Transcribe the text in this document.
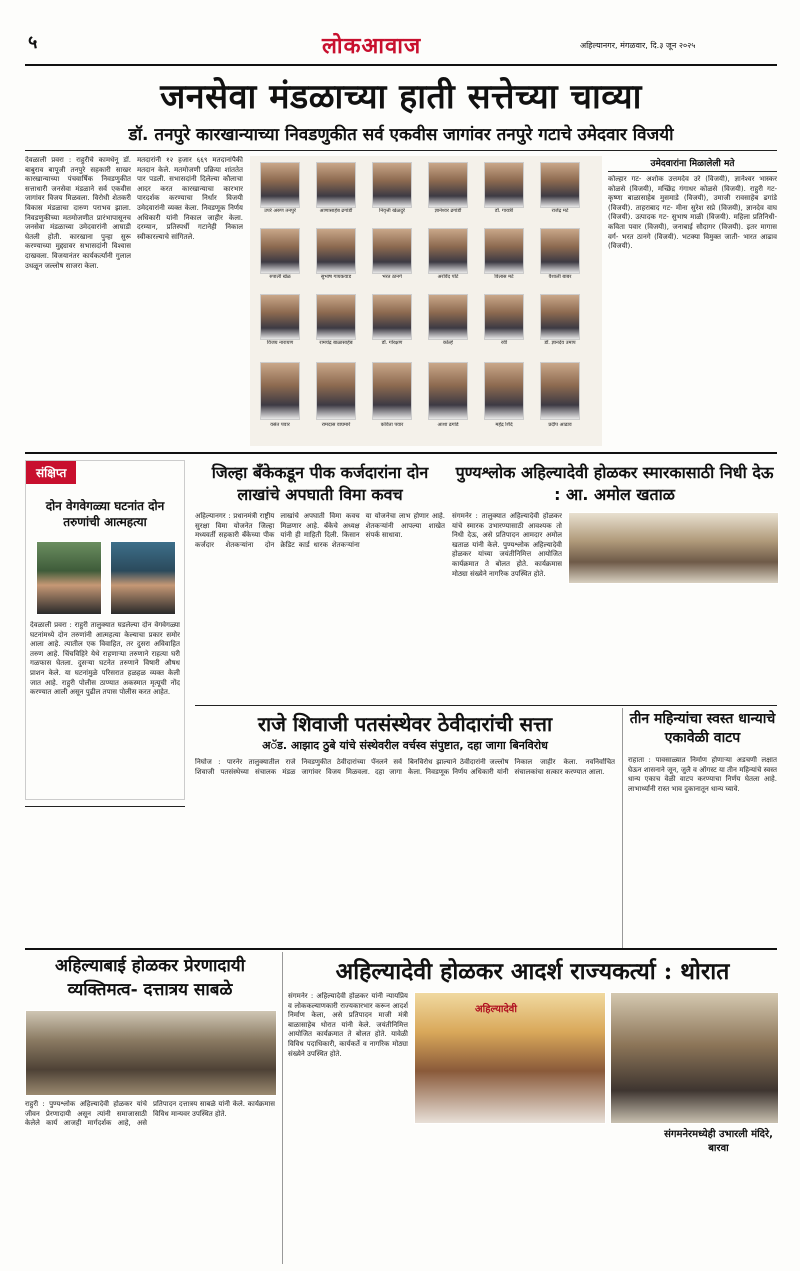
५	लोकआवाज	अहिल्यानगर, मंगळवार, दि.३ जून २०२५
जनसेवा मंडळाच्या हाती सत्तेच्या चाव्या
डॉ. तनपुरे कारखान्याच्या निवडणुकीत सर्व एकवीस जागांवर तनपुरे गटाचे उमेदवार विजयी
देवळाली प्रवरा : राहुरीचे कामधेनू डॉ. बाबुराव बापूजी तनपुरे सहकारी साखर कारखान्याच्या पंचवार्षिक निवडणुकीत सत्ताधारी जनसेवा मंडळाने सर्व एकवीस जागांवर विजय मिळवला. विरोधी शेतकरी विकास मंडळाचा दारुण पराभव झाला. निवडणुकीच्या मतमोजणीत प्रारंभापासूनच जनसेवा मंडळाच्या उमेदवारांनी आघाडी घेतली होती. कारखाना पुन्हा सुरू करण्याच्या मुद्द्यावर सभासदांनी विश्वास दाखवला. विजयानंतर कार्यकर्त्यांनी गुलाल उधळून जल्लोष साजरा केला.
मतदारांनी १२ हजार ६६९ मतदानांपैकी मतदान केले. मतमोजणी प्रक्रिया शांततेत पार पडली. सभासदांनी दिलेल्या कौलाचा आदर करत कारखान्याचा कारभार पारदर्शक करण्याचा निर्धार विजयी उमेदवारांनी व्यक्त केला. निवडणूक निर्णय अधिकारी यांनी निकाल जाहीर केला. दरम्यान, प्रतिस्पर्धी गटानेही निकाल स्वीकारल्याचे सांगितले.
उपरे अरुण तनपुरे	आणासाहेब ढगांडी	निवृत्ती खेळदुरे	ज्ञानेश्वर ढगांडी	डॉ. गायत्री	राजेंद्र मटे
रुपाली खेळ	सुभाष गायकवाड	भरत ठानगे	अरविंद पोटे	विलास मटे	वैशाली बाबर
विजय नारायण	रामचंद्र बाळासाहेब	डॉ. गोरक्षण	कोल्हे	रवी	डॉ. ज्ञानदेव उमाप
वसंत पवार	रामदास वाघमारे	कविता पवार	आशा ढगांडे	महेंद्र शिंदे	प्रदीप आढाव
उमेदवारांना मिळालेली मते
कोल्हार गट- अशोक उत्तमदेव उरे (विजयी), ज्ञानेश्वर भास्कर कोळसे (विजयी), मच्छिंद्र गंगाधर कोळसे (विजयी). राहुरी गट- कृष्णा बाळासाहेब मुसमाडे (विजयी), उमाजी रावसाहेब ढगांडे (विजयी). ताहराबाद गट- मीना सुरेश सप्रे (विजयी), ज्ञानदेव वाघ (विजयी). उत्पादक गट- सुभाष माळी (विजयी). महिला प्रतिनिधी- कविता पवार (विजयी), जनाबाई सौदागर (विजयी). इतर मागास वर्ग- भरत ठानगे (विजयी). भटक्या विमुक्त जाती- भारत आढाव (विजयी).
संक्षिप्त
दोन वेगवेगळ्या घटनांत दोन तरुणांची आत्महत्या
देवळाली प्रवरा : राहुरी तालुक्यात घडलेल्या दोन वेगवेगळ्या घटनांमध्ये दोन तरुणांनी आत्महत्या केल्याचा प्रकार समोर आला आहे. त्यातील एक विवाहित, तर दुसरा अविवाहित तरुण आहे. चिंचविहिरे येथे राहणाऱ्या तरुणाने राहत्या घरी गळफास घेतला. दुसऱ्या घटनेत तरुणाने विषारी औषध प्राशन केले. या घटनांमुळे परिसरात हळहळ व्यक्त केली जात आहे. राहुरी पोलीस ठाण्यात अकस्मात मृत्यूची नोंद करण्यात आली असून पुढील तपास पोलीस करत आहेत.
जिल्हा बँकेकडून पीक कर्जदारांना दोन लाखांचे अपघाती विमा कवच
अहिल्यानगर : प्रधानमंत्री राष्ट्रीय सुरक्षा विमा योजनेत जिल्हा मध्यवर्ती सहकारी बँकेच्या पीक कर्जदार शेतकऱ्यांना दोन लाखांचे अपघाती विमा कवच मिळणार आहे. बँकेचे अध्यक्ष यांनी ही माहिती दिली. किसान क्रेडिट कार्ड धारक शेतकऱ्यांना या योजनेचा लाभ होणार आहे. शेतकऱ्यांनी आपल्या शाखेत संपर्क साधावा.
पुण्यश्लोक अहिल्यादेवी होळकर स्मारकासाठी निधी देऊ : आ. अमोल खताळ
संगमनेर : तालुक्यात अहिल्यादेवी होळकर यांचे स्मारक उभारण्यासाठी आवश्यक तो निधी देऊ, असे प्रतिपादन आमदार अमोल खताळ यांनी केले. पुण्यश्लोक अहिल्यादेवी होळकर यांच्या जयंतीनिमित्त आयोजित कार्यक्रमात ते बोलत होते. कार्यक्रमास मोठ्या संख्येने नागरिक उपस्थित होते.
राजे शिवाजी पतसंस्थेवर ठेवीदारांची सत्ता
अॅड. आझाद ठुबे यांचे संस्थेवरील वर्चस्व संपुष्टात, दहा जागा बिनविरोध
निघोज : पारनेर तालुक्यातील राजे शिवाजी पतसंस्थेच्या संचालक मंडळ निवडणुकीत ठेवीदारांच्या पॅनलने सर्व जागांवर विजय मिळवला. दहा जागा बिनविरोध झाल्याने ठेवीदारांनी जल्लोष केला. निवडणूक निर्णय अधिकारी यांनी निकाल जाहीर केला. नवनिर्वाचित संचालकांचा सत्कार करण्यात आला.
तीन महिन्यांचा स्वस्त धान्याचे एकावेळी वाटप
राहाता : पावसाळ्यात निर्माण होणाऱ्या अडचणी लक्षात घेऊन शासनाने जून, जुलै व ऑगस्ट या तीन महिन्यांचे स्वस्त धान्य एकाच वेळी वाटप करण्याचा निर्णय घेतला आहे. लाभार्थ्यांनी रास्त भाव दुकानातून धान्य घ्यावे.
अहिल्याबाई होळकर प्रेरणादायी व्यक्तिमत्व- दत्तात्रय साबळे
राहुरी : पुण्यश्लोक अहिल्यादेवी होळकर यांचे जीवन प्रेरणादायी असून त्यांनी समाजासाठी केलेले कार्य आजही मार्गदर्शक आहे, असे प्रतिपादन दत्तात्रय साबळे यांनी केले. कार्यक्रमास विविध मान्यवर उपस्थित होते.
अहिल्यादेवी होळकर आदर्श राज्यकर्त्या : थोरात
संगमनेर : अहिल्यादेवी होळकर यांनी न्यायप्रिय व लोककल्याणकारी राज्यकारभार करून आदर्श निर्माण केला, असे प्रतिपादन माजी मंत्री बाळासाहेब थोरात यांनी केले. जयंतीनिमित्त आयोजित कार्यक्रमात ते बोलत होते. यावेळी विविध पदाधिकारी, कार्यकर्ते व नागरिक मोठ्या संख्येने उपस्थित होते.
अहिल्यादेवी
संगमनेरमध्येही उभारली मंदिरे, बारवा
